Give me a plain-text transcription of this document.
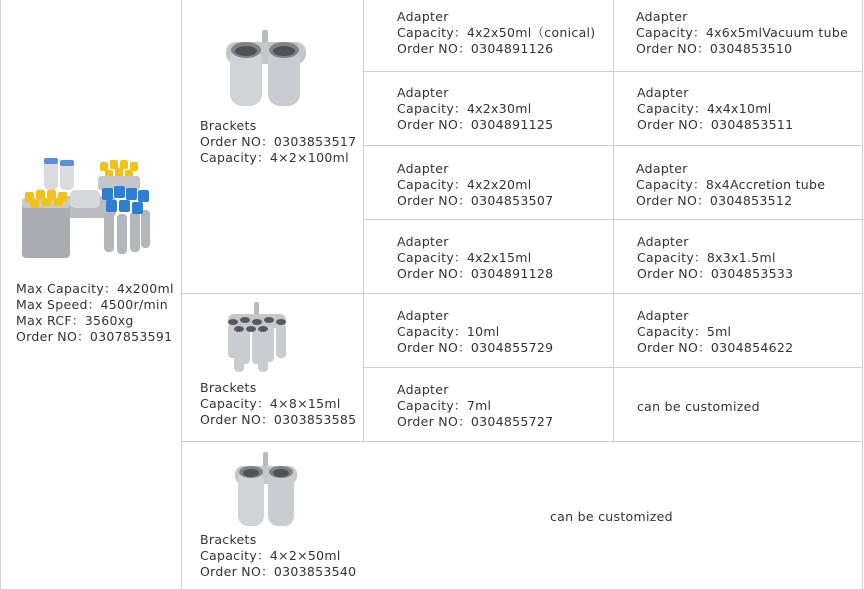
Max Capacity：4x200ml
Max Speed：4500r/min
Max RCF：3560xg
Order NO：0307853591
Brackets
Order NO：0303853517
Capacity：4×2×100ml
Brackets
Capacity：4×8×15ml
Order NO：0303853585
Brackets
Capacity：4×2×50ml
Order NO：0303853540
Adapter
Capacity：4x2x50ml（conical)
Order NO：0304891126
Adapter
Capacity：4x6x5mlVacuum tube
Order NO：0304853510
Adapter
Capacity：4x2x30ml
Order NO：0304891125
Adapter
Capacity：4x4x10ml
Order NO：0304853511
Adapter
Capacity：4x2x20ml
Order NO：0304853507
Adapter
Capacity：8x4Accretion tube
Order NO：0304853512
Adapter
Capacity：4x2x15ml
Order NO：0304891128
Adapter
Capacity：8x3x1.5ml
Order NO：0304853533
Adapter
Capacity：10ml
Order NO：0304855729
Adapter
Capacity：5ml
Order NO：0304854622
Adapter
Capacity：7ml
Order NO：0304855727
can be customized
can be customized
